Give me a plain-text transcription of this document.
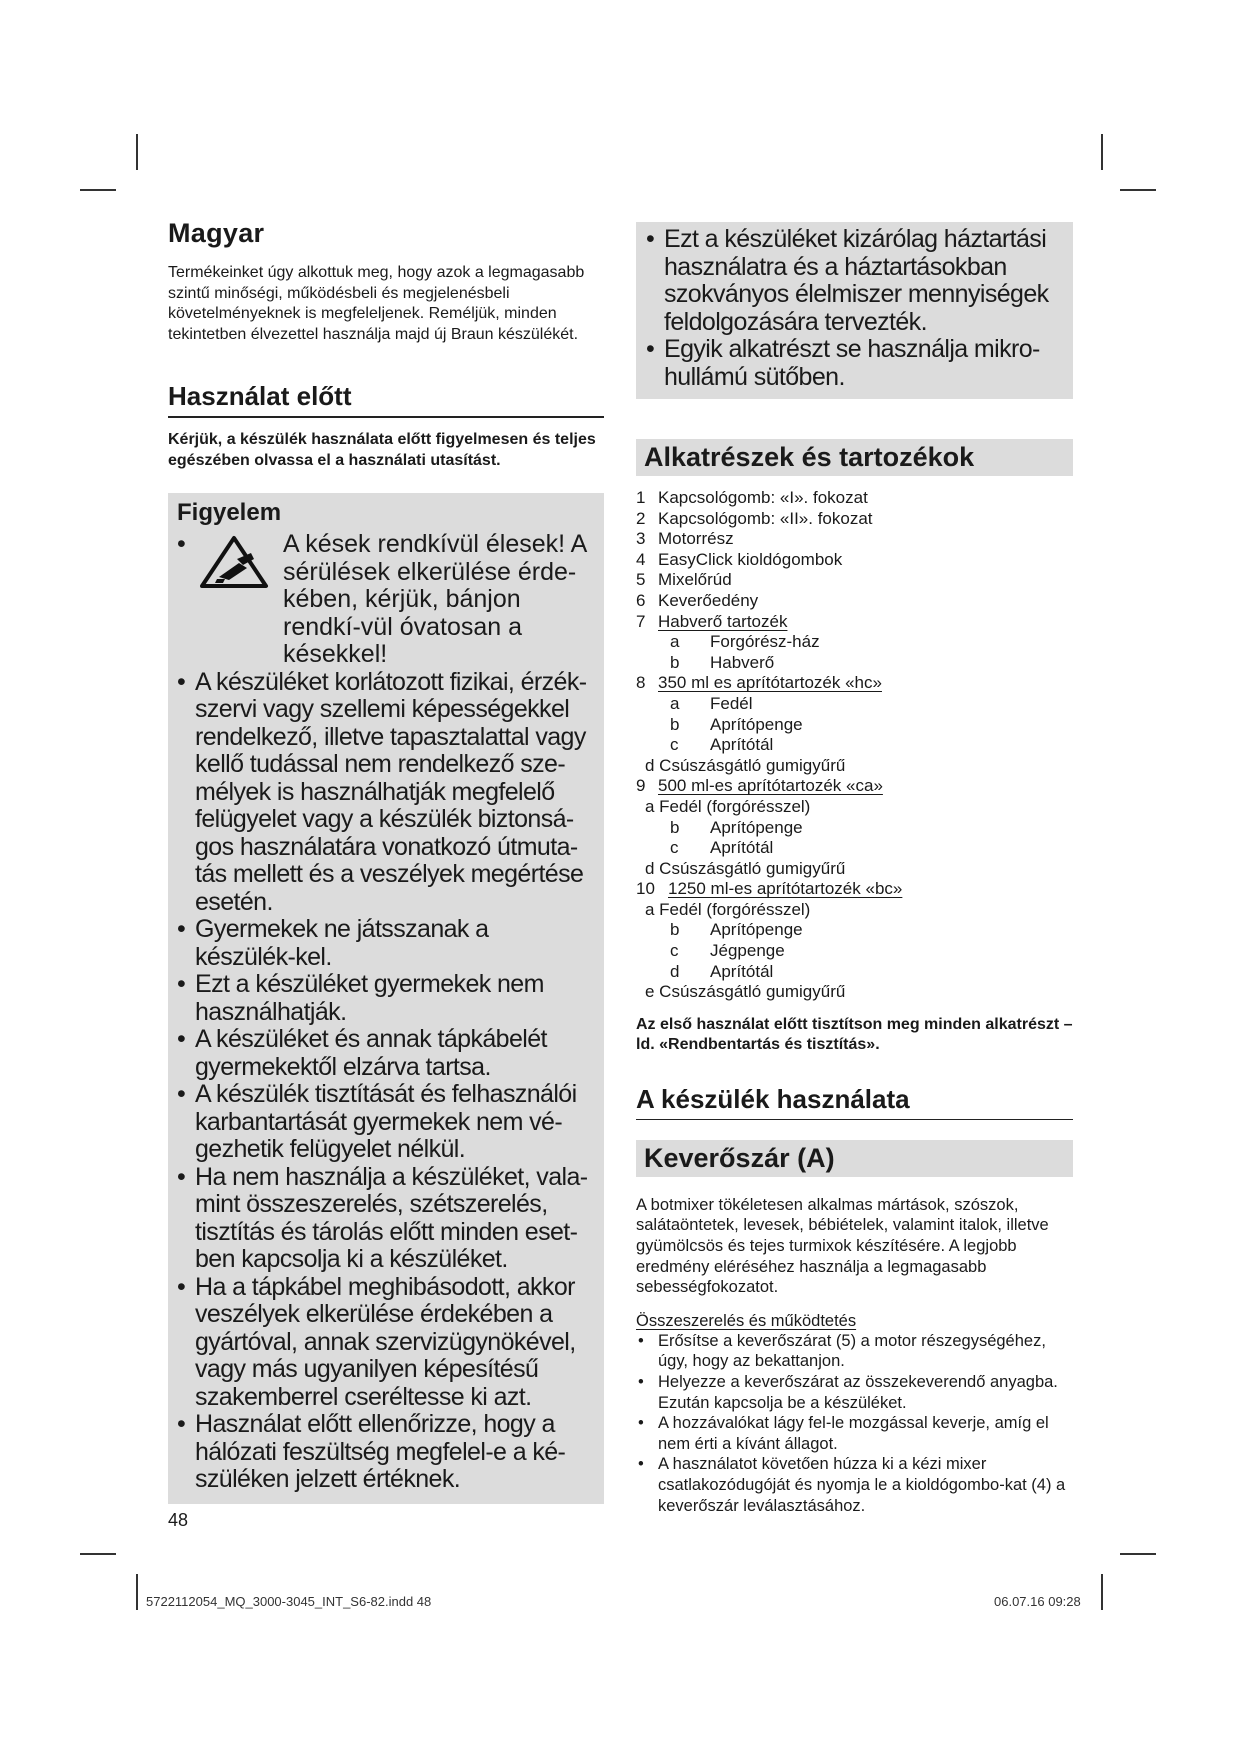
Magyar

Termékeinket úgy alkottuk meg, hogy azok a legmagasabb szintű minőségi, működésbeli és megjelenésbeli követelményeknek is megfeleljenek. Reméljük, minden tekintetben élvezettel használja majd új Braun készülékét.

Használat előtt

Kérjük, a készülék használata előtt figyelmesen és teljes egészében olvassa el a használati utasítást.

Figyelem
•	A kések rendkívül élesek! A sérülések elkerülése érde-kében, kérjük, bánjon rendkí-vül óvatosan a késekkel!
• A készüléket korlátozott fizikai, érzék-szervi vagy szellemi képességekkel rendelkező, illetve tapasztalattal vagy kellő tudással nem rendelkező sze-mélyek is használhatják megfelelő felügyelet vagy a készülék biztonsá-gos használatára vonatkozó útmuta-tás mellett és a veszélyek megértése esetén.
• Gyermekek ne játsszanak a készülék-kel.
• Ezt a készüléket gyermekek nem használhatják.
• A készüléket és annak tápkábelét gyermekektől elzárva tartsa.
• A készülék tisztítását és felhasználói karbantartását gyermekek nem vé-gezhetik felügyelet nélkül.
• Ha nem használja a készüléket, vala-mint összeszerelés, szétszerelés, tisztítás és tárolás előtt minden eset-ben kapcsolja ki a készüléket.
• Ha a tápkábel meghibásodott, akkor veszélyek elkerülése érdekében a gyártóval, annak szervizügynökével, vagy más ugyanilyen képesítésű szakemberrel cseréltesse ki azt.
• Használat előtt ellenőrizze, hogy a hálózati feszültség megfelel-e a ké-szüléken jelzett értéknek.
• Ezt a készüléket kizárólag háztartási használatra és a háztartásokban szokványos élelmiszer mennyiségek feldolgozására tervezték.
• Egyik alkatrészt se használja mikro-hullámú sütőben.
Alkatrészek és tartozékok
1 Kapcsológomb: «I». fokozat
2 Kapcsológomb: «II». fokozat
3 Motorrész
4 EasyClick kioldógombok
5 Mixelőrúd
6 Keverőedény
7 Habverő tartozék
a	Forgórész-ház
b	Habverő
8 350 ml es aprítótartozék «hc»
a	Fedél
b	Aprítópenge
c	Aprítótál
d Csúszásgátló gumigyűrű
9 500 ml-es aprítótartozék «ca»
a Fedél (forgórésszel)
b	Aprítópenge
c	Aprítótál
d Csúszásgátló gumigyűrű
10 1250 ml-es aprítótartozék «bc»
a Fedél (forgórésszel)
b	Aprítópenge
c	Jégpenge
d	Aprítótál
e Csúszásgátló gumigyűrű

Az első használat előtt tisztítson meg minden alkatrészt – ld. «Rendbentartás és tisztítás».

A készülék használata
Keverőszár (A)

A botmixer tökéletesen alkalmas mártások, szószok, salátaöntetek, levesek, bébiételek, valamint italok, illetve gyümölcsös és tejes turmixok készítésére. A legjobb eredmény eléréséhez használja a legmagasabb sebességfokozatot.

Összeszerelés és működtetés
• Erősítse a keverőszárat (5) a motor részegységéhez, úgy, hogy az bekattanjon.
• Helyezze a keverőszárat az összekeverendő anyagba. Ezután kapcsolja be a készüléket.
• A hozzávalókat lágy fel-le mozgással keverje, amíg el nem érti a kívánt állagot.
• A használatot követően húzza ki a kézi mixer csatlakozódugóját és nyomja le a kioldógombo-kat (4) a keverőszár leválasztásához.
48
5722112054_MQ_3000-3045_INT_S6-82.indd 48	06.07.16 09:28
